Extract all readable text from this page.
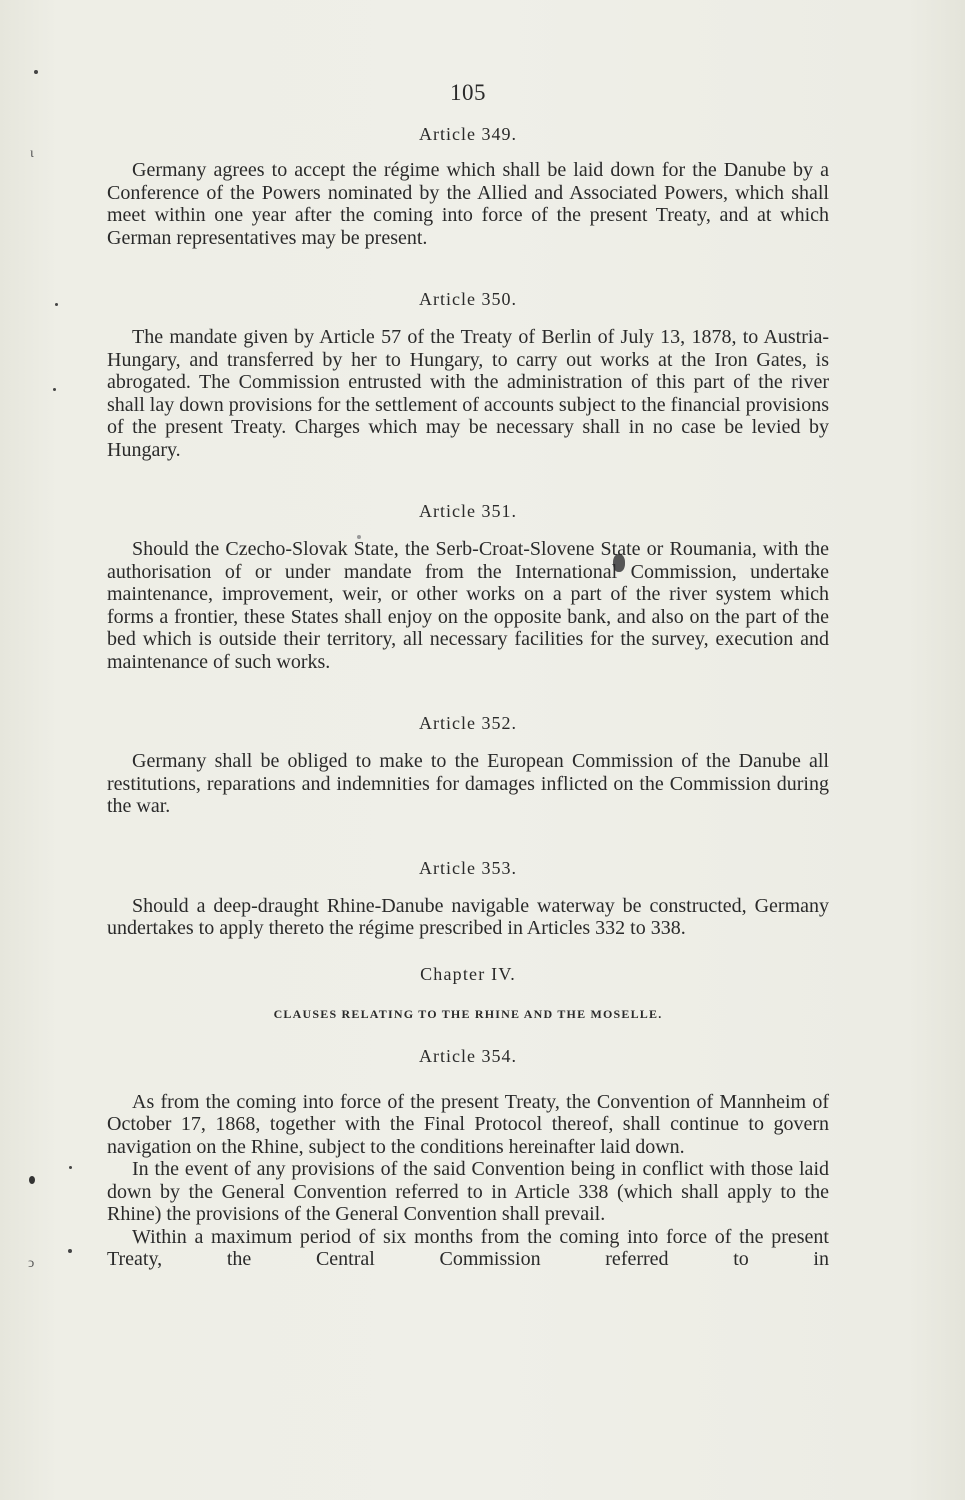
ι
ↄ
105
Article 349.

Germany agrees to accept the régime which shall be laid down for the Danube by a Conference of the Powers nominated by the Allied and Associated Powers, which shall meet within one year after the coming into force of the present Treaty, and at which German representatives may be present.

Article 350.

The mandate given by Article 57 of the Treaty of Berlin of July 13, 1878, to Austria-Hungary, and transferred by her to Hungary, to carry out works at the Iron Gates, is abrogated. The Commission entrusted with the administration of this part of the river shall lay down provisions for the settlement of accounts subject to the financial provisions of the present Treaty. Charges which may be necessary shall in no case be levied by Hungary.

Article 351.

Should the Czecho-Slovak State, the Serb-Croat-Slovene State or Roumania, with the authorisation of or under mandate from the International Commission, undertake maintenance, improvement, weir, or other works on a part of the river system which forms a frontier, these States shall enjoy on the opposite bank, and also on the part of the bed which is outside their territory, all necessary facilities for the survey, execution and maintenance of such works.

Article 352.

Germany shall be obliged to make to the European Commission of the Danube all restitutions, reparations and indemnities for damages inflicted on the Commission during the war.

Article 353.

Should a deep-draught Rhine-Danube navigable waterway be constructed, Germany undertakes to apply thereto the régime prescribed in Articles 332 to 338.

Chapter IV.
CLAUSES RELATING TO THE RHINE AND THE MOSELLE.
Article 354.

As from the coming into force of the present Treaty, the Convention of Mannheim of October 17, 1868, together with the Final Protocol thereof, shall continue to govern navigation on the Rhine, subject to the conditions hereinafter laid down.

In the event of any provisions of the said Convention being in conflict with those laid down by the General Convention referred to in Article 338 (which shall apply to the Rhine) the provisions of the General Convention shall prevail.

Within a maximum period of six months from the coming into force of the present Treaty, the Central Commission referred to in
